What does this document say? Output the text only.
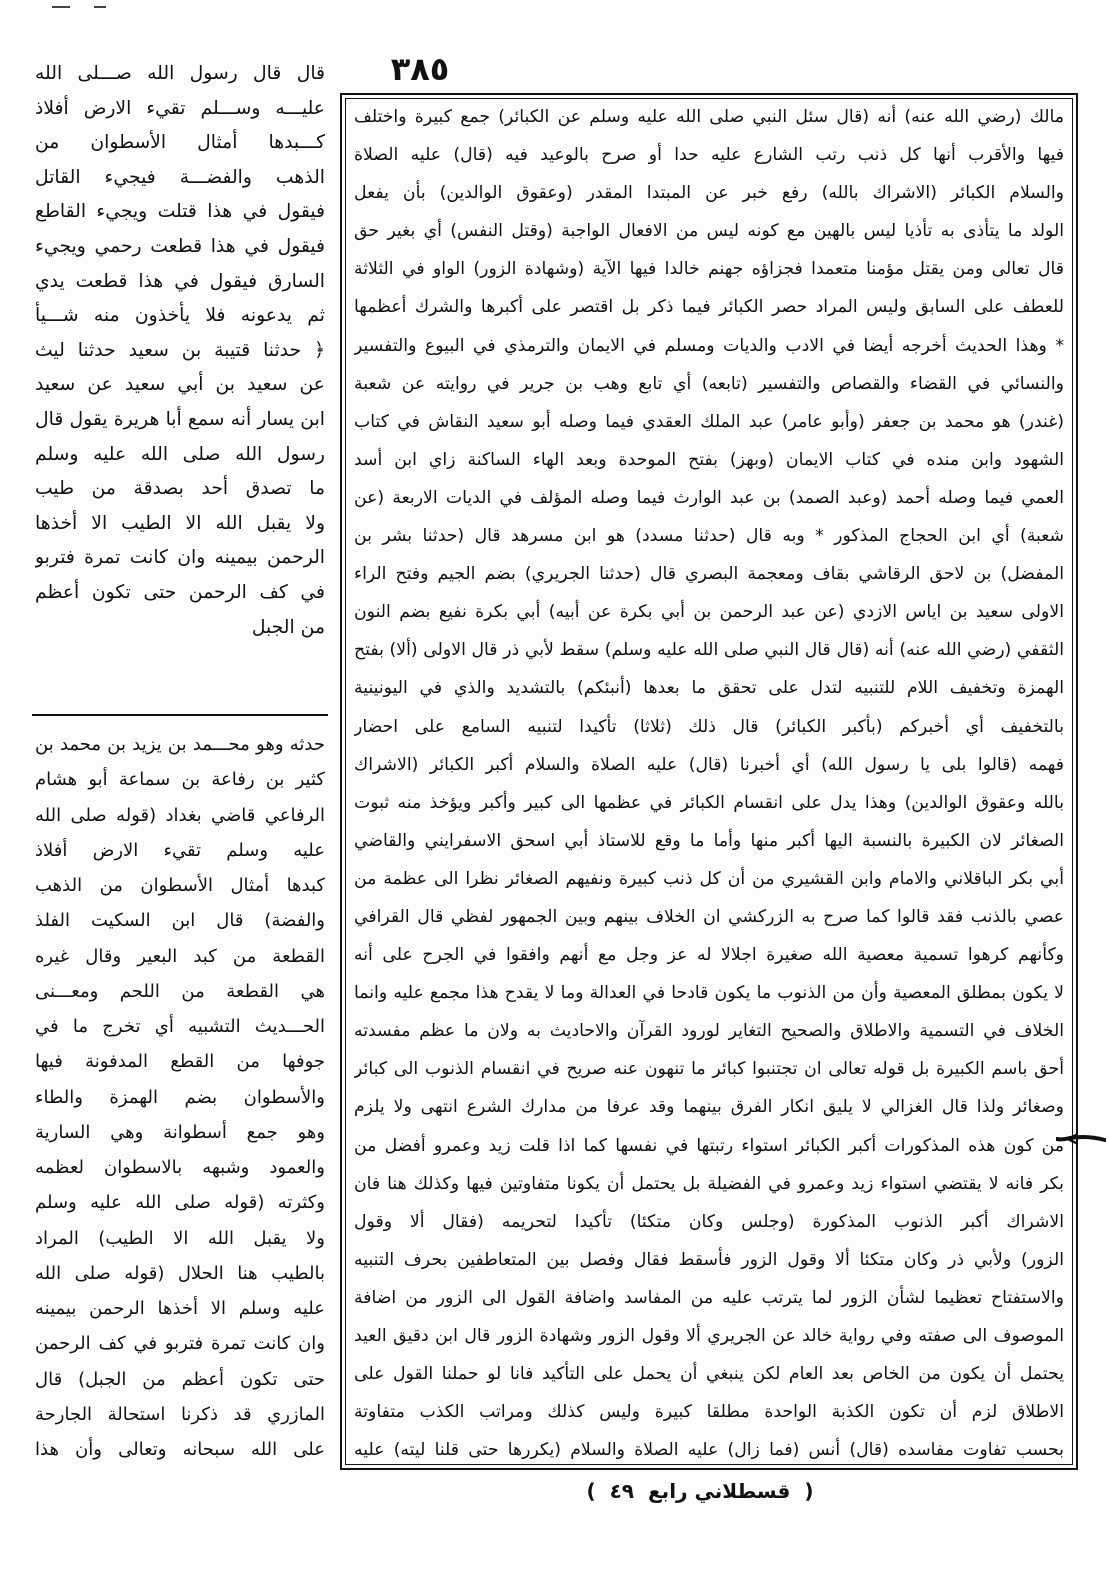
٣٨٥
قال قال رسول الله صـــلى الله
عليـــه وســـلم تقيء الارض أفلاذ
كـــبدها أمثال الأسطوان من
الذهب والفضـــة فيجيء القاتل
فيقول في هذا قتلت ويجيء القاطع
فيقول في هذا قطعت رحمي ويجيء
السارق فيقول في هذا قطعت يدي
ثم يدعونه فلا يأخذون منه شـــيأ
﴿ حدثنا قتيبة بن سعيد حدثنا ليث
عن سعيد بن أبي سعيد عن سعيد
ابن يسار أنه سمع أبا هريرة يقول قال
رسول الله صلى الله عليه وسلم
ما تصدق أحد بصدقة من طيب
ولا يقبل الله الا الطيب الا أخذها
الرحمن بيمينه وان كانت تمرة فتربو
في كف الرحمن حتى تكون أعظم
من الجبل
حدثه وهو محـــمد بن يزيد بن محمد بن
كثير بن رفاعة بن سماعة أبو هشام
الرفاعي قاضي بغداد (قوله صلى الله
عليه وسلم تقيء الارض أفلاذ
كبدها أمثال الأسطوان من الذهب
والفضة) قال ابن السكيت الفلذ
القطعة من كبد البعير وقال غيره
هي القطعة من اللحم ومعـــنى
الحـــديث التشبيه أي تخرج ما في
جوفها من القطع المدفونة فيها
والأسطوان بضم الهمزة والطاء
وهو جمع أسطوانة وهي السارية
والعمود وشبهه بالاسطوان لعظمه
وكثرته (قوله صلى الله عليه وسلم
ولا يقبل الله الا الطيب) المراد
بالطيب هنا الحلال (قوله صلى الله
عليه وسلم الا أخذها الرحمن بيمينه
وان كانت تمرة فتربو في كف الرحمن
حتى تكون أعظم من الجبل) قال
المازري قد ذكرنا استحالة الجارحة
على الله سبحانه وتعالى وأن هذا
مالك (رضي الله عنه) أنه (قال سئل النبي صلى الله عليه وسلم عن الكبائر) جمع كبيرة واختلف
فيها والأقرب أنها كل ذنب رتب الشارع عليه حدا أو صرح بالوعيد فيه (قال) عليه الصلاة
والسلام الكبائر (الاشراك بالله) رفع خبر عن المبتدا المقدر (وعقوق الوالدين) بأن يفعل
الولد ما يتأذى به تأذيا ليس بالهين مع كونه ليس من الافعال الواجبة (وقتل النفس) أي بغير حق
قال تعالى ومن يقتل مؤمنا متعمدا فجزاؤه جهنم خالدا فيها الآية (وشهادة الزور) الواو في الثلاثة
للعطف على السابق وليس المراد حصر الكبائر فيما ذكر بل اقتصر على أكبرها والشرك أعظمها
* وهذا الحديث أخرجه أيضا في الادب والديات ومسلم في الايمان والترمذي في البيوع والتفسير
والنسائي في القضاء والقصاص والتفسير (تابعه) أي تابع وهب بن جرير في روايته عن شعبة
(غندر) هو محمد بن جعفر (وأبو عامر) عبد الملك العقدي فيما وصله أبو سعيد النقاش في كتاب
الشهود وابن منده في كتاب الايمان (وبهز) بفتح الموحدة وبعد الهاء الساكنة زاي ابن أسد
العمي فيما وصله أحمد (وعبد الصمد) بن عبد الوارث فيما وصله المؤلف في الديات الاربعة (عن
شعبة) أي ابن الحجاج المذكور * وبه قال (حدثنا مسدد) هو ابن مسرهد قال (حدثنا بشر بن
المفضل) بن لاحق الرقاشي بقاف ومعجمة البصري قال (حدثنا الجريري) بضم الجيم وفتح الراء
الاولى سعيد بن اياس الازدي (عن عبد الرحمن بن أبي بكرة عن أبيه) أبي بكرة نفيع بضم النون
الثقفي (رضي الله عنه) أنه (قال قال النبي صلى الله عليه وسلم) سقط لأبي ذر قال الاولى (ألا) بفتح
الهمزة وتخفيف اللام للتنبيه لتدل على تحقق ما بعدها (أنبئكم) بالتشديد والذي في اليونينية
بالتخفيف أي أخبركم (بأكبر الكبائر) قال ذلك (ثلاثا) تأكيدا لتنبيه السامع على احضار
فهمه (قالوا بلى يا رسول الله) أي أخبرنا (قال) عليه الصلاة والسلام أكبر الكبائر (الاشراك
بالله وعقوق الوالدين) وهذا يدل على انقسام الكبائر في عظمها الى كبير وأكبر ويؤخذ منه ثبوت
الصغائر لان الكبيرة بالنسبة اليها أكبر منها وأما ما وقع للاستاذ أبي اسحق الاسفرايني والقاضي
أبي بكر الباقلاني والامام وابن القشيري من أن كل ذنب كبيرة ونفيهم الصغائر نظرا الى عظمة من
عصي بالذنب فقد قالوا كما صرح به الزركشي ان الخلاف بينهم وبين الجمهور لفظي قال القرافي
وكأنهم كرهوا تسمية معصية الله صغيرة اجلالا له عز وجل مع أنهم وافقوا في الجرح على أنه
لا يكون بمطلق المعصية وأن من الذنوب ما يكون قادحا في العدالة وما لا يقدح هذا مجمع عليه وانما
الخلاف في التسمية والاطلاق والصحيح التغاير لورود القرآن والاحاديث به ولان ما عظم مفسدته
أحق باسم الكبيرة بل قوله تعالى ان تجتنبوا كبائر ما تنهون عنه صريح في انقسام الذنوب الى كبائر
وصغائر ولذا قال الغزالي لا يليق انكار الفرق بينهما وقد عرفا من مدارك الشرع انتهى ولا يلزم
من كون هذه المذكورات أكبر الكبائر استواء رتبتها في نفسها كما اذا قلت زيد وعمرو أفضل من
بكر فانه لا يقتضي استواء زيد وعمرو في الفضيلة بل يحتمل أن يكونا متفاوتين فيها وكذلك هنا فان
الاشراك أكبر الذنوب المذكورة (وجلس وكان متكئا) تأكيدا لتحريمه (فقال ألا وقول
الزور) ولأبي ذر وكان متكئا ألا وقول الزور فأسقط فقال وفصل بين المتعاطفين بحرف التنبيه
والاستفتاح تعظيما لشأن الزور لما يترتب عليه من المفاسد واضافة القول الى الزور من اضافة
الموصوف الى صفته وفي رواية خالد عن الجريري ألا وقول الزور وشهادة الزور قال ابن دقيق العيد
يحتمل أن يكون من الخاص بعد العام لكن ينبغي أن يحمل على التأكيد فانا لو حملنا القول على
الاطلاق لزم أن تكون الكذبة الواحدة مطلقا كبيرة وليس كذلك ومراتب الكذب متفاوتة
بحسب تفاوت مفاسده (قال) أنس (فما زال) عليه الصلاة والسلام (يكررها حتى قلنا ليته) عليه
( ٤٩ قسطلاني رابع )
